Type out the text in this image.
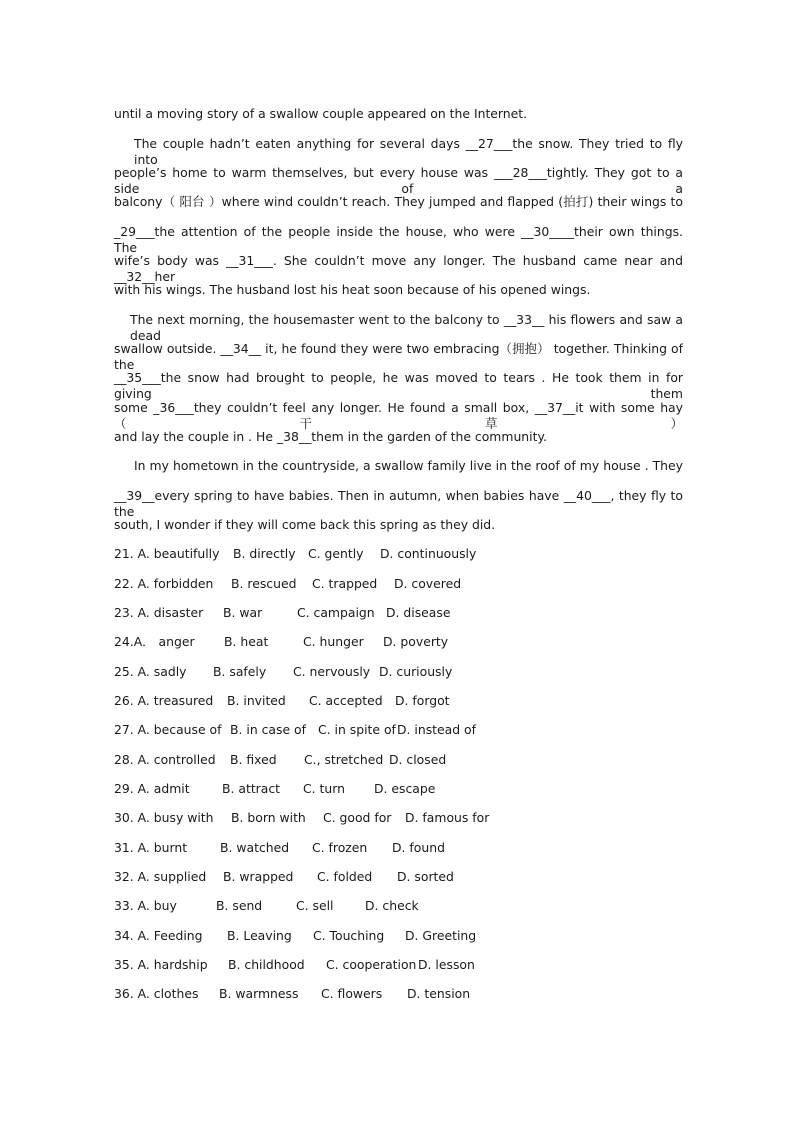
until a moving story of a swallow couple appeared on the Internet.
The couple hadn’t eaten anything for several days __27___the snow. They tried to fly into
people’s home to warm themselves, but every house was ___28___tightly. They got to a side of a
balcony（ 阳台 ）where wind couldn’t reach. They jumped and flapped (拍打) their wings to
_29___the attention of the people inside the house, who were __30____their own things. The
wife’s body was __31___. She couldn’t move any longer. The husband came near and __32__her
with his wings. The husband lost his heat soon because of his opened wings.
The next morning, the housemaster went to the balcony to __33__ his flowers and saw a dead
swallow outside. __34__ it, he found they were two embracing（拥抱） together. Thinking of the
__35___the snow had brought to people, he was moved to tears . He took them in for giving them
some _36___they couldn’t feel any longer. He found a small box, __37__it with some hay （干草）
and lay the couple in . He _38__them in the garden of the community.
In my hometown in the countryside, a swallow family live in the roof of my house . They
__39__every spring to have babies. Then in autumn, when babies have __40___, they fly to the
south, I wonder if they will come back this spring as they did.
21. A. beautifully B. directly C. gently D. continuously
22. A. forbidden B. rescued C. trapped D. covered
23. A. disaster B. war	C. campaign D. disease
24.A． anger B. heat	C. hunger D. poverty
25. A. sadly B. safely C. nervously D. curiously
26. A. treasured B. invited C. accepted D. forgot
27. A. because of B. in case of C. in spite of D. instead of
28. A. controlled B. fixed C., stretched D. closed
29. A. admit	B. attract C. turn D. escape
30. A. busy with B. born with C. good for D. famous for
31. A. burnt	B. watched C. frozen D. found
32. A. supplied B. wrapped C. folded D. sorted
33. A. buy	B. send	C. sell	D. check
34. A. Feeding B. Leaving C. Touching D. Greeting
35. A. hardship B. childhood C. cooperation D. lesson
36. A. clothes B. warmness C. flowers D. tension
